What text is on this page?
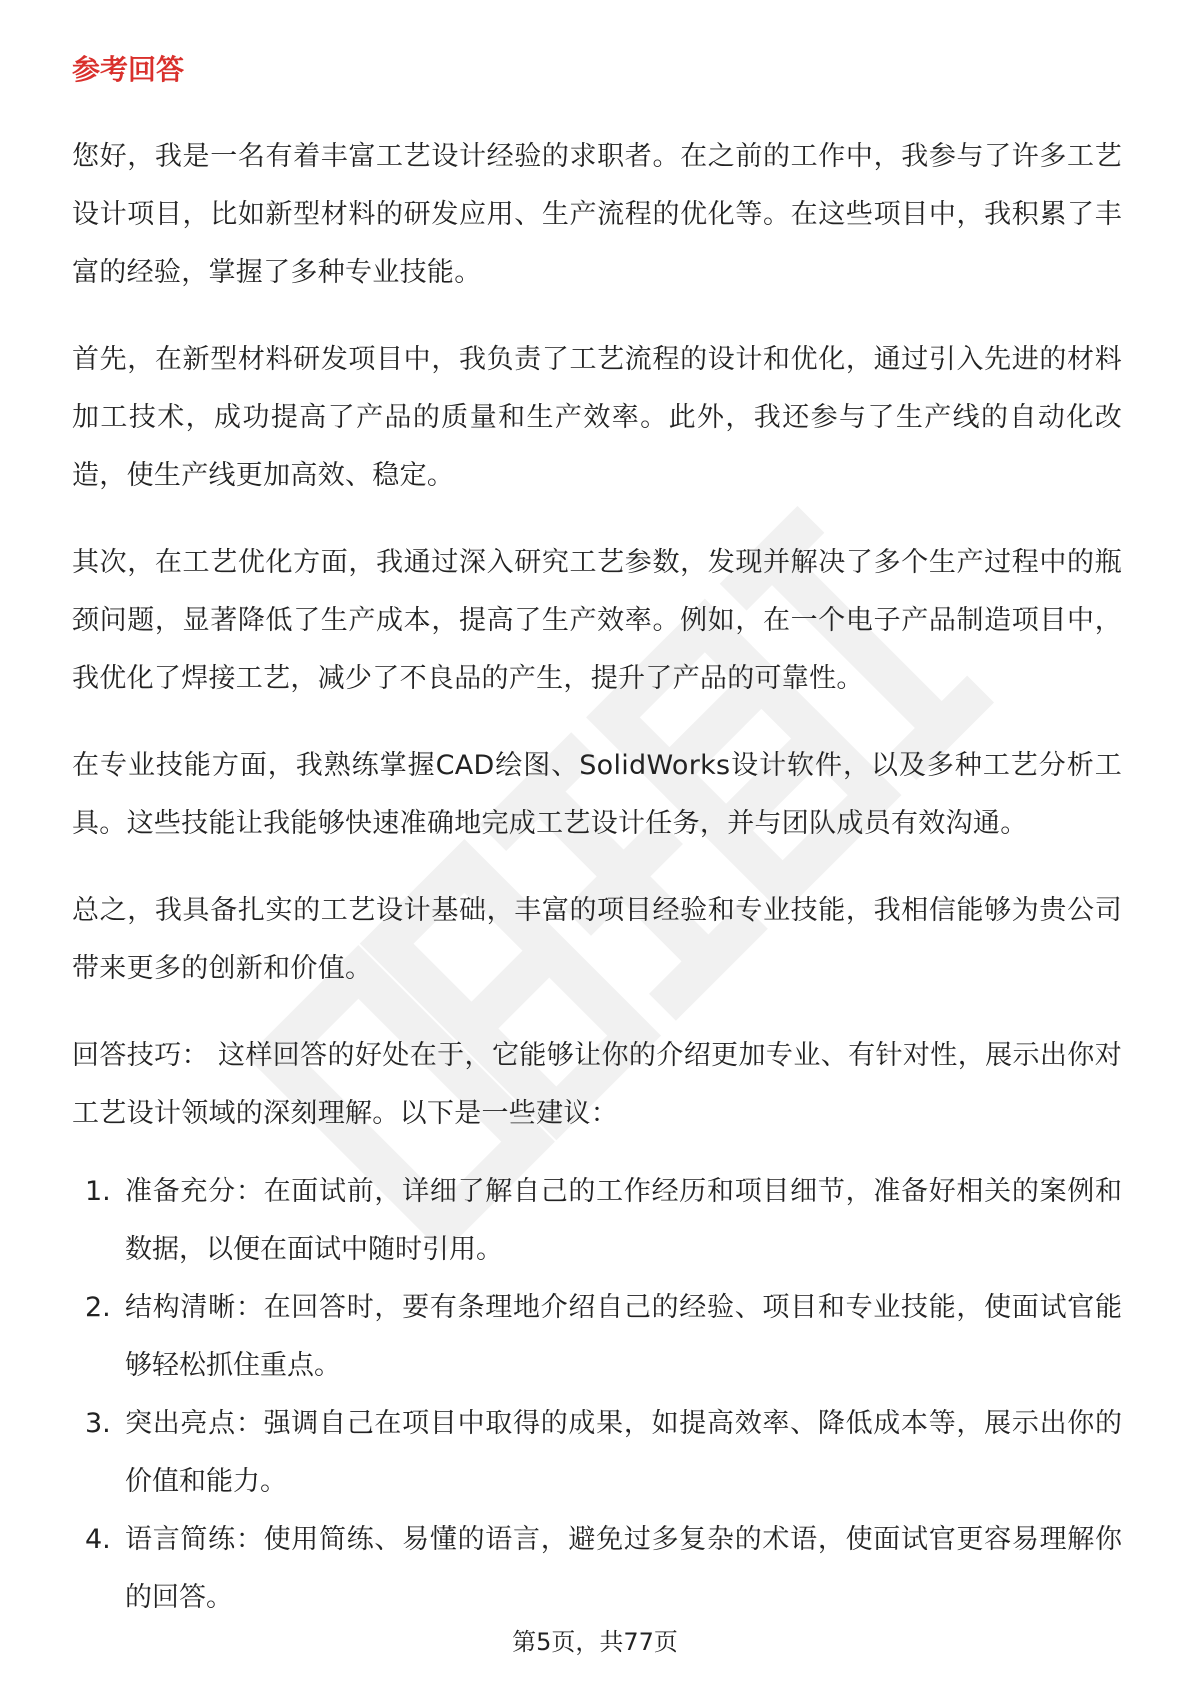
参考回答

您好，我是一名有着丰富工艺设计经验的求职者。在之前的工作中，我参与了许多工艺设计项目，比如新型材料的研发应用、生产流程的优化等。在这些项目中，我积累了丰富的经验，掌握了多种专业技能。

首先，在新型材料研发项目中，我负责了工艺流程的设计和优化，通过引入先进的材料加工技术，成功提高了产品的质量和生产效率。此外，我还参与了生产线的自动化改造，使生产线更加高效、稳定。

其次，在工艺优化方面，我通过深入研究工艺参数，发现并解决了多个生产过程中的瓶颈问题，显著降低了生产成本，提高了生产效率。例如，在一个电子产品制造项目中，我优化了焊接工艺，减少了不良品的产生，提升了产品的可靠性。

在专业技能方面，我熟练掌握CAD绘图、SolidWorks设计软件，以及多种工艺分析工具。这些技能让我能够快速准确地完成工艺设计任务，并与团队成员有效沟通。

总之，我具备扎实的工艺设计基础，丰富的项目经验和专业技能，我相信能够为贵公司带来更多的创新和价值。

回答技巧： 这样回答的好处在于，它能够让你的介绍更加专业、有针对性，展示出你对工艺设计领域的深刻理解。以下是一些建议：

1. 准备充分：在面试前，详细了解自己的工作经历和项目细节，准备好相关的案例和数据，以便在面试中随时引用。
2. 结构清晰：在回答时，要有条理地介绍自己的经验、项目和专业技能，使面试官能够轻松抓住重点。
3. 突出亮点：强调自己在项目中取得的成果，如提高效率、降低成本等，展示出你的价值和能力。
4. 语言简练：使用简练、易懂的语言，避免过多复杂的术语，使面试官更容易理解你的回答。
第5页，共77页
